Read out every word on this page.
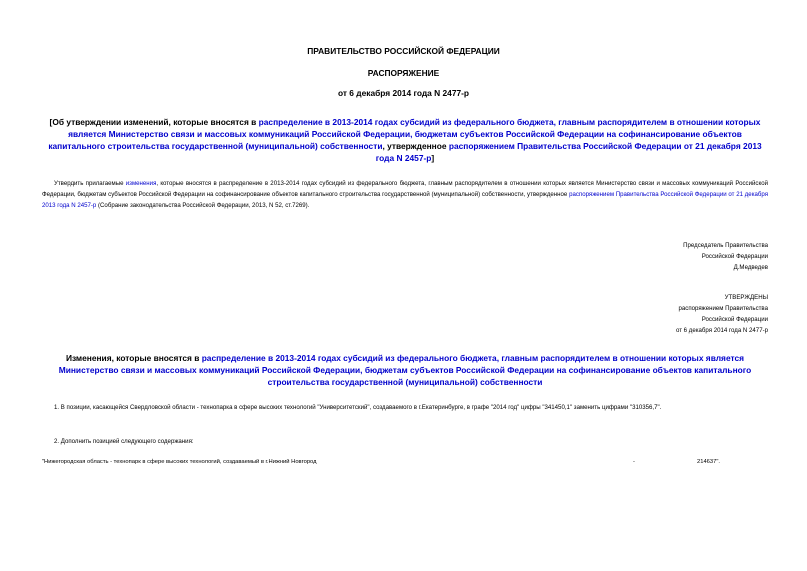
ПРАВИТЕЛЬСТВО РОССИЙСКОЙ ФЕДЕРАЦИИ
РАСПОРЯЖЕНИЕ
от 6 декабря 2014 года N 2477-р
[Об утверждении изменений, которые вносятся в распределение в 2013-2014 годах субсидий из федерального бюджета, главным распорядителем в отношении которых является Министерство связи и массовых коммуникаций Российской Федерации, бюджетам субъектов Российской Федерации на софинансирование объектов капитального строительства государственной (муниципальной) собственности, утвержденное распоряжением Правительства Российской Федерации от 21 декабря 2013 года N 2457-р]
Утвердить прилагаемые изменения, которые вносятся в распределение в 2013-2014 годах субсидий из федерального бюджета, главным распорядителем в отношении которых является Министерство связи и массовых коммуникаций Российской Федерации, бюджетам субъектов Российской Федерации на софинансирование объектов капитального строительства государственной (муниципальной) собственности, утвержденное распоряжением Правительства Российской Федерации от 21 декабря 2013 года N 2457-р (Собрание законодательства Российской Федерации, 2013, N 52, ст.7269).
Председатель Правительства
Российской Федерации
Д.Медведев
УТВЕРЖДЕНЫ
распоряжением Правительства
Российской Федерации
от 6 декабря 2014 года N 2477-р
Изменения, которые вносятся в распределение в 2013-2014 годах субсидий из федерального бюджета, главным распорядителем в отношении которых является Министерство связи и массовых коммуникаций Российской Федерации, бюджетам субъектов Российской Федерации на софинансирование объектов капитального строительства государственной (муниципальной) собственности
1. В позиции, касающейся Свердловской области - технопарка в сфере высоких технологий "Университетский", создаваемого в г.Екатеринбурге, в графе "2014 год" цифры "341450,1" заменить цифрами "310356,7".
2. Дополнить позицией следующего содержания:
"Нижегородская область - технопарк в сфере высоких технологий, создаваемый в г.Нижний Новгород	-	214637".
